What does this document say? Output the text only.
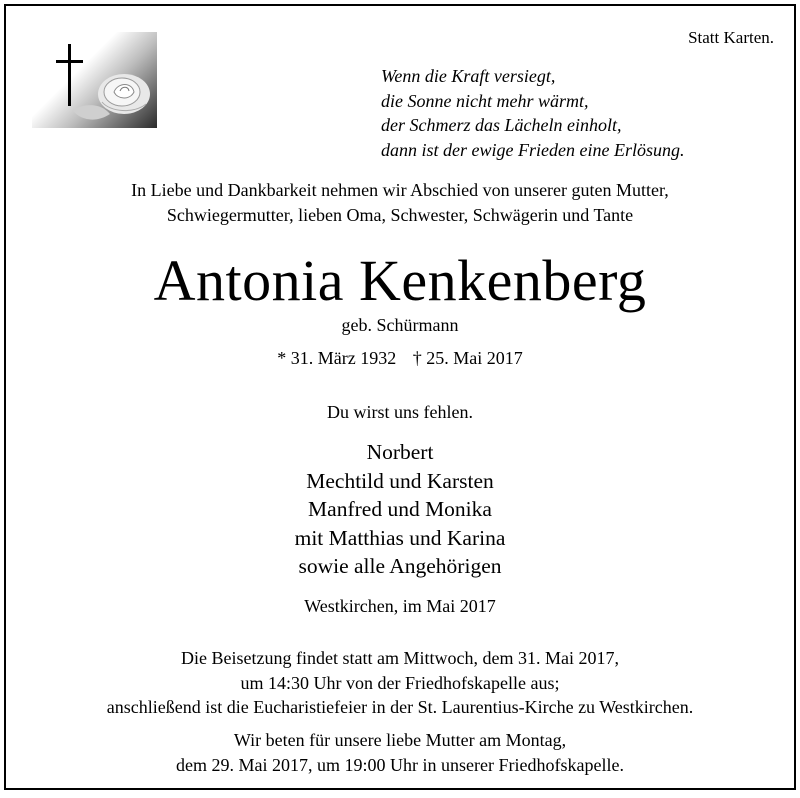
Statt Karten.
Wenn die Kraft versiegt,
die Sonne nicht mehr wärmt,
der Schmerz das Lächeln einholt,
dann ist der ewige Frieden eine Erlösung.
In Liebe und Dankbarkeit nehmen wir Abschied von unserer guten Mutter,
Schwiegermutter, lieben Oma, Schwester, Schwägerin und Tante
Antonia Kenkenberg
geb. Schürmann
* 31. März 1932 † 25. Mai 2017
Du wirst uns fehlen.
Norbert
Mechtild und Karsten
Manfred und Monika
mit Matthias und Karina
sowie alle Angehörigen
Westkirchen, im Mai 2017
Die Beisetzung findet statt am Mittwoch, dem 31. Mai 2017,
um 14:30 Uhr von der Friedhofskapelle aus;
anschließend ist die Eucharistiefeier in der St. Laurentius-Kirche zu Westkirchen.
Wir beten für unsere liebe Mutter am Montag,
dem 29. Mai 2017, um 19:00 Uhr in unserer Friedhofskapelle.
